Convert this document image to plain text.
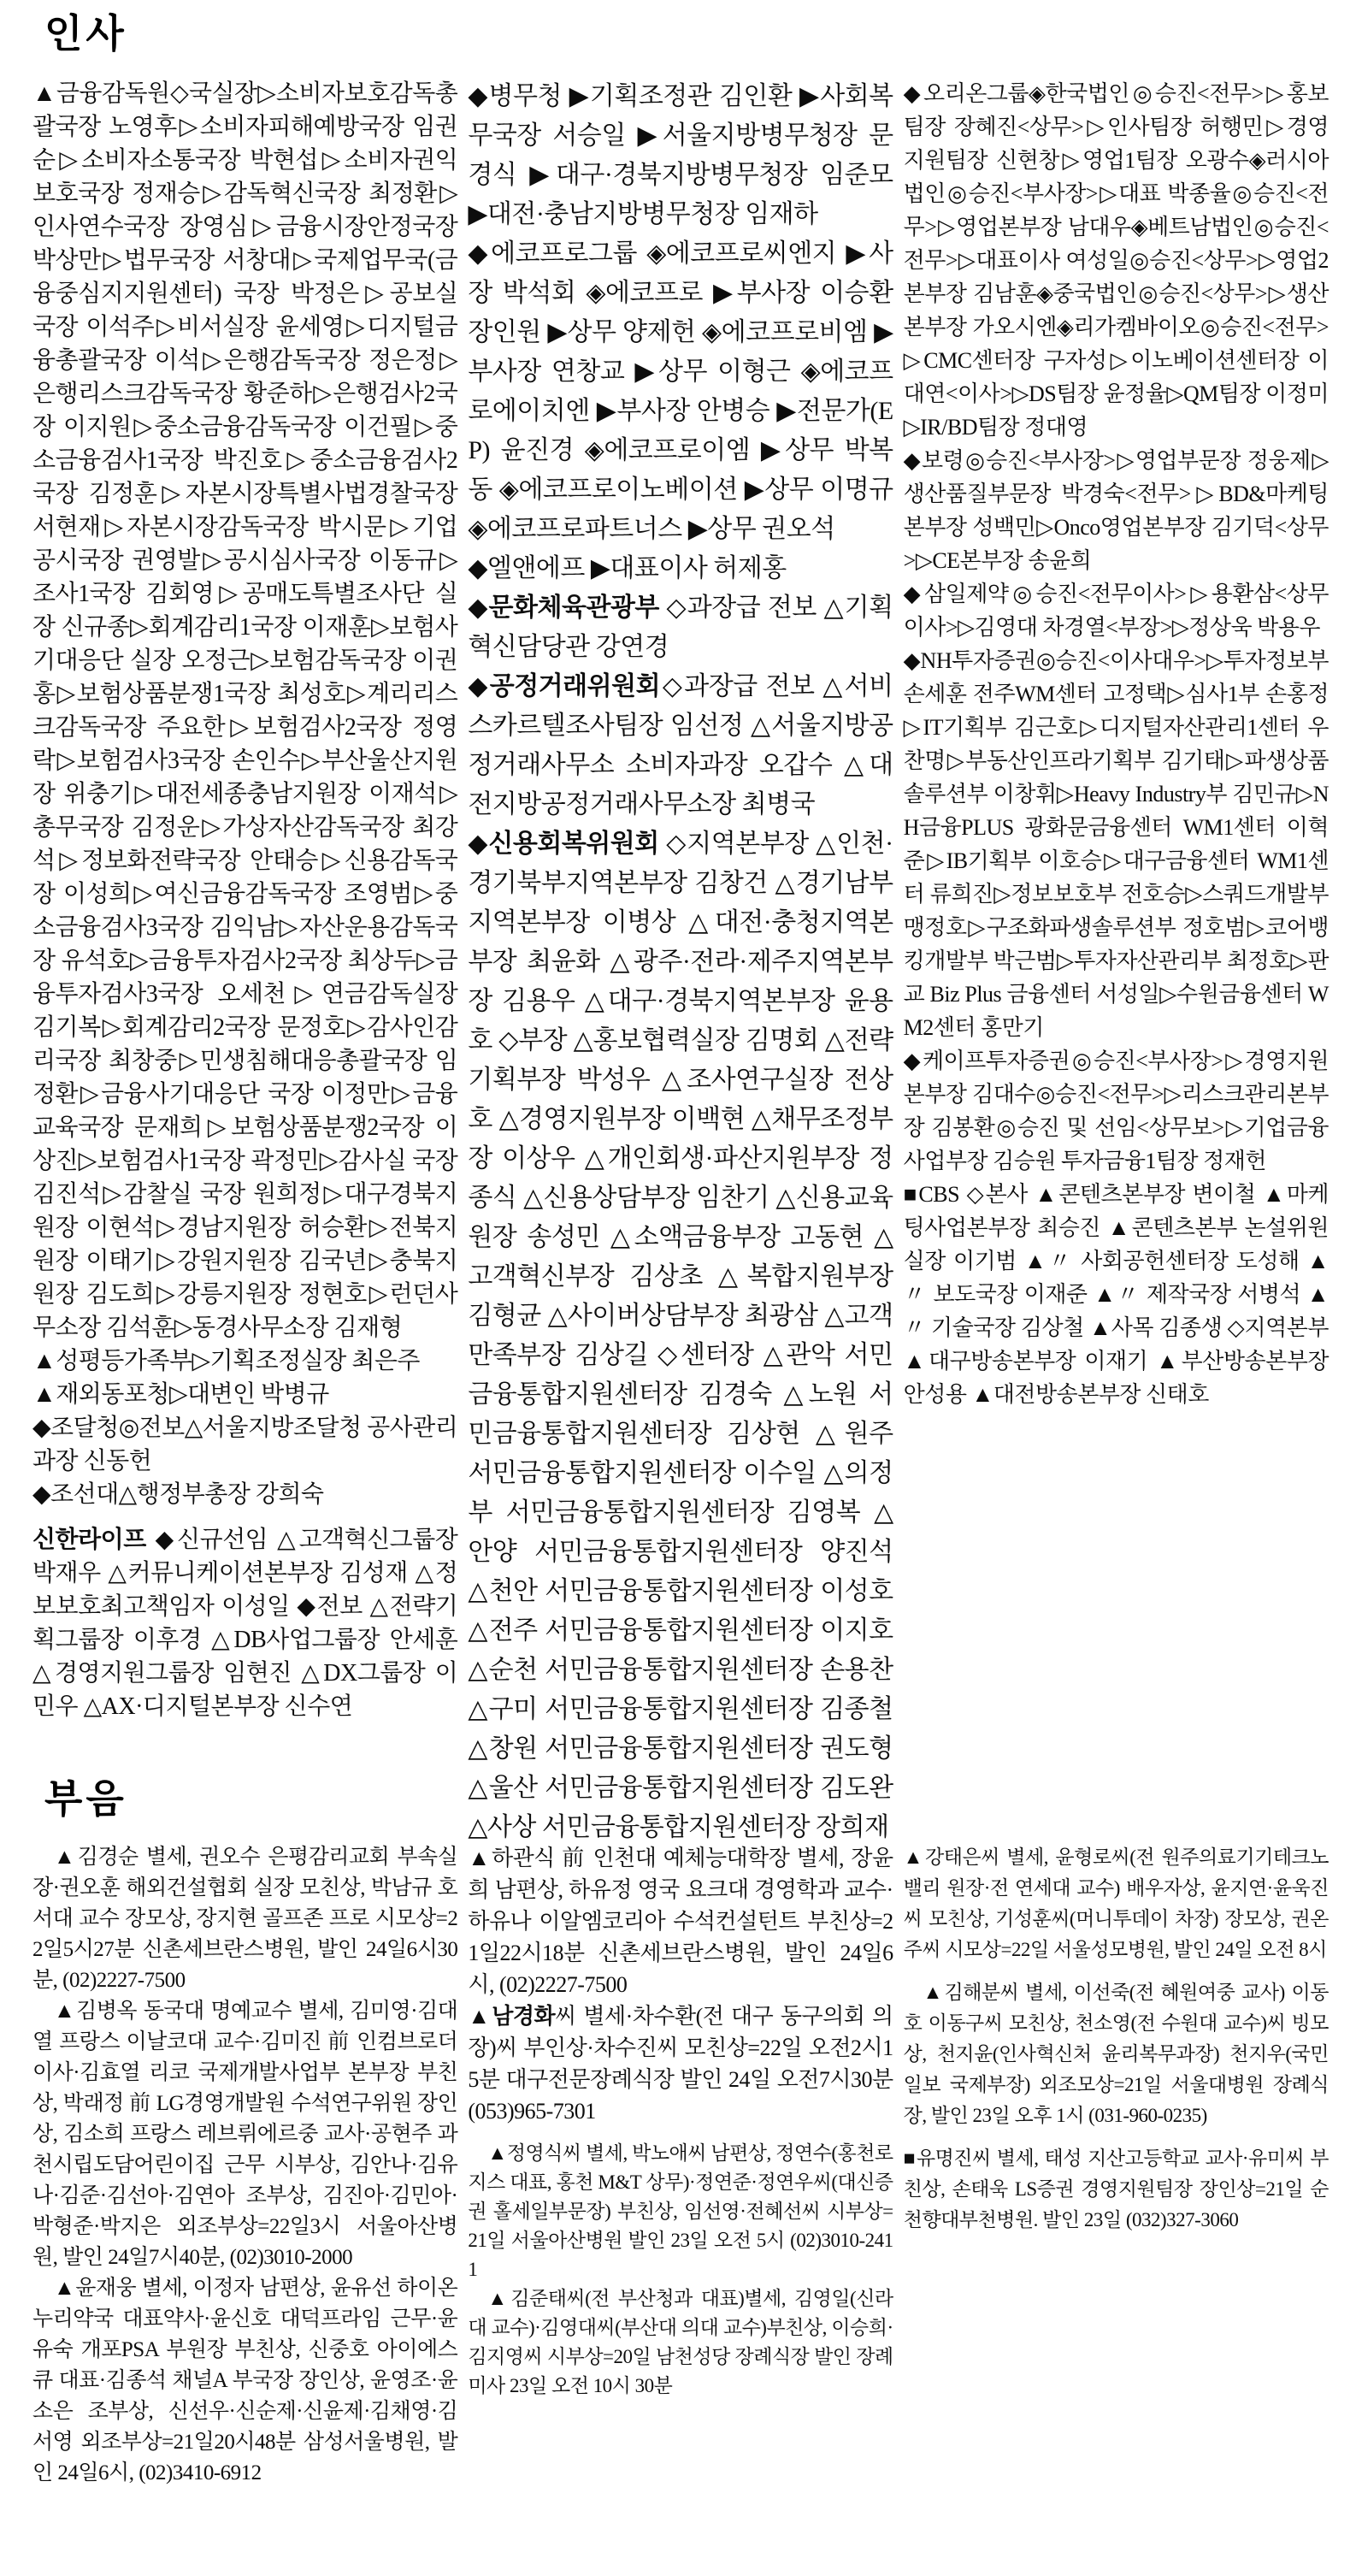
인사

▲금융감독원◇국실장▷소비자보호감독총괄국장 노영후▷소비자피해예방국장 임권순▷소비자소통국장 박현섭▷소비자권익보호국장 정재승▷감독혁신국장 최정환▷인사연수국장 장영심▷금융시장안정국장 박상만▷법무국장 서창대▷국제업무국(금융중심지지원센터) 국장 박정은▷공보실 국장 이석주▷비서실장 윤세영▷디지털금융총괄국장 이석▷은행감독국장 정은정▷은행리스크감독국장 황준하▷은행검사2국장 이지원▷중소금융감독국장 이건필▷중소금융검사1국장 박진호▷중소금융검사2국장 김정훈▷자본시장특별사법경찰국장 서현재▷자본시장감독국장 박시문▷기업공시국장 권영발▷공시심사국장 이동규▷조사1국장 김회영▷공매도특별조사단 실장 신규종▷회계감리1국장 이재훈▷보험사기대응단 실장 오정근▷보험감독국장 이권홍▷보험상품분쟁1국장 최성호▷계리리스크감독국장 주요한▷보험검사2국장 정영락▷보험검사3국장 손인수▷부산울산지원장 위충기▷대전세종충남지원장 이재석▷총무국장 김정운▷가상자산감독국장 최강석▷정보화전략국장 안태승▷신용감독국장 이성희▷여신금융감독국장 조영범▷중소금융검사3국장 김익남▷자산운용감독국장 유석호▷금융투자검사2국장 최상두▷금융투자검사3국장 오세천▷연금감독실장 김기복▷회계감리2국장 문정호▷감사인감리국장 최창중▷민생침해대응총괄국장 임정환▷금융사기대응단 국장 이정만▷금융교육국장 문재희▷보험상품분쟁2국장 이상진▷보험검사1국장 곽정민▷감사실 국장 김진석▷감찰실 국장 원희정▷대구경북지원장 이현석▷경남지원장 허승환▷전북지원장 이태기▷강원지원장 김국년▷충북지원장 김도희▷강릉지원장 정현호▷런던사무소장 김석훈▷동경사무소장 김재형

▲성평등가족부▷기획조정실장 최은주

▲재외동포청▷대변인 박병규

◆조달청◎전보△서울지방조달청 공사관리과장 신동헌

◆조선대△행정부총장 강희숙

신한라이프 ◆신규선임 △고객혁신그룹장 박재우 △커뮤니케이션본부장 김성재 △정보보호최고책임자 이성일 ◆전보 △전략기획그룹장 이후경 △DB사업그룹장 안세훈 △경영지원그룹장 임현진 △DX그룹장 이민우 △AX·디지털본부장 신수연

◆병무청 ▶기획조정관 김인환 ▶사회복무국장 서승일 ▶서울지방병무청장 문경식 ▶대구·경북지방병무청장 임준모 ▶대전·충남지방병무청장 임재하

◆에코프로그룹 ◈에코프로씨엔지 ▶사장 박석회 ◈에코프로 ▶부사장 이승환 장인원 ▶상무 양제헌 ◈에코프로비엠 ▶부사장 연창교 ▶상무 이형근 ◈에코프로에이치엔 ▶부사장 안병승 ▶전문가(EP) 윤진경 ◈에코프로이엠 ▶상무 박복동 ◈에코프로이노베이션 ▶상무 이명규 ◈에코프로파트너스 ▶상무 권오석

◆엘앤에프 ▶대표이사 허제홍

◆문화체육관광부 ◇과장급 전보 △기획혁신담당관 강연경

◆공정거래위원회◇과장급 전보 △서비스카르텔조사팀장 임선정 △서울지방공정거래사무소 소비자과장 오갑수 △대전지방공정거래사무소장 최병국

◆신용회복위원회 ◇지역본부장 △인천·경기북부지역본부장 김창건 △경기남부지역본부장 이병상 △대전·충청지역본부장 최윤화 △광주·전라·제주지역본부장 김용우 △대구·경북지역본부장 윤용호 ◇부장 △홍보협력실장 김명회 △전략기획부장 박성우 △조사연구실장 전상호 △경영지원부장 이백현 △채무조정부장 이상우 △개인회생·파산지원부장 정종식 △신용상담부장 임찬기 △신용교육원장 송성민 △소액금융부장 고동현 △고객혁신부장 김상초 △복합지원부장 김형균 △사이버상담부장 최광삼 △고객만족부장 김상길 ◇센터장 △관악 서민금융통합지원센터장 김경숙 △노원 서민금융통합지원센터장 김상현 △원주 서민금융통합지원센터장 이수일 △의정부 서민금융통합지원센터장 김영복 △안양 서민금융통합지원센터장 양진석 △천안 서민금융통합지원센터장 이성호 △전주 서민금융통합지원센터장 이지호 △순천 서민금융통합지원센터장 손용찬 △구미 서민금융통합지원센터장 김종철 △창원 서민금융통합지원센터장 권도형 △울산 서민금융통합지원센터장 김도완 △사상 서민금융통합지원센터장 장희재

◆오리온그룹◈한국법인◎승진<전무>▷홍보팀장 장혜진<상무>▷인사팀장 허행민▷경영지원팀장 신현창▷영업1팀장 오광수◈러시아법인◎승진<부사장>▷대표 박종율◎승진<전무>▷영업본부장 남대우◈베트남법인◎승진<전무>▷대표이사 여성일◎승진<상무>▷영업2본부장 김남훈◈중국법인◎승진<상무>▷생산본부장 가오시엔◈리가켐바이오◎승진<전무>▷CMC센터장 구자성▷이노베이션센터장 이대연<이사>▷DS팀장 윤정율▷QM팀장 이정미▷IR/BD팀장 정대영

◆보령◎승진<부사장>▷영업부문장 정웅제▷생산품질부문장 박경숙<전무>▷BD&마케팅본부장 성백민▷Onco영업본부장 김기덕<상무>▷CE본부장 송윤희

◆삼일제약◎승진<전무이사>▷용환삼<상무이사>▷김영대 차경열<부장>▷정상욱 박용우

◆NH투자증권◎승진<이사대우>▷투자정보부 손세훈 전주WM센터 고정택▷심사1부 손홍정▷IT기획부 김근호▷디지털자산관리1센터 우찬명▷부동산인프라기획부 김기태▷파생상품솔루션부 이창휘▷Heavy Industry부 김민규▷NH금융PLUS 광화문금융센터 WM1센터 이혁준▷IB기획부 이호승▷대구금융센터 WM1센터 류희진▷정보보호부 전호승▷스쿼드개발부 맹정호▷구조화파생솔루션부 정호범▷코어뱅킹개발부 박근범▷투자자산관리부 최정호▷판교 Biz Plus 금융센터 서성일▷수원금융센터 WM2센터 홍만기

◆케이프투자증권◎승진<부사장>▷경영지원본부장 김대수◎승진<전무>▷리스크관리본부장 김봉환◎승진 및 선임<상무보>▷기업금융사업부장 김승원 투자금융1팀장 정재헌

■CBS ◇본사 ▲콘텐츠본부장 변이철 ▲마케팅사업본부장 최승진 ▲콘텐츠본부 논설위원실장 이기범 ▲〃 사회공헌센터장 도성해 ▲〃 보도국장 이재준 ▲〃 제작국장 서병석 ▲〃 기술국장 김상철 ▲사목 김종생 ◇지역본부 ▲대구방송본부장 이재기 ▲부산방송본부장 안성용 ▲대전방송본부장 신태호

부음

▲김경순 별세, 권오수 은평감리교회 부속실장·권오훈 해외건설협회 실장 모친상, 박남규 호서대 교수 장모상, 장지현 골프존 프로 시모상=22일5시27분 신촌세브란스병원, 발인 24일6시30분, (02)2227-7500

▲김병옥 동국대 명예교수 별세, 김미영·김대열 프랑스 이날코대 교수·김미진 前 인컴브로더 이사·김효열 리코 국제개발사업부 본부장 부친상, 박래정 前 LG경영개발원 수석연구위원 장인상, 김소희 프랑스 레브뤼에르중 교사·공현주 과천시립도담어린이집 근무 시부상, 김안나·김유나·김준·김선아·김연아 조부상, 김진아·김민아·박형준·박지은 외조부상=22일3시 서울아산병원, 발인 24일7시40분, (02)3010-2000

▲윤재웅 별세, 이정자 남편상, 윤유선 하이온누리약국 대표약사·윤신호 대덕프라임 근무·윤유숙 개포PSA 부원장 부친상, 신중호 아이에스큐 대표·김종석 채널A 부국장 장인상, 윤영조·윤소은 조부상, 신선우·신순제·신윤제·김채영·김서영 외조부상=21일20시48분 삼성서울병원, 발인 24일6시, (02)3410-6912

▲하관식 前 인천대 예체능대학장 별세, 장윤희 남편상, 하유정 영국 요크대 경영학과 교수·하유나 이알엠코리아 수석컨설턴트 부친상=21일22시18분 신촌세브란스병원, 발인 24일6시, (02)2227-7500

▲남경화씨 별세·차수환(전 대구 동구의회 의장)씨 부인상·차수진씨 모친상=22일 오전2시15분 대구전문장례식장 발인 24일 오전7시30분 (053)965-7301

▲정영식씨 별세, 박노애씨 남편상, 정연수(홍천로지스 대표, 홍천 M&T 상무)·정연준·정연우씨(대신증권 홀세일부문장) 부친상, 임선영·전혜선씨 시부상=21일 서울아산병원 발인 23일 오전 5시 (02)3010-2411

▲김준태씨(전 부산청과 대표)별세, 김영일(신라대 교수)·김영대씨(부산대 의대 교수)부친상, 이승희·김지영씨 시부상=20일 남천성당 장례식장 발인 장례미사 23일 오전 10시 30분

▲강태은씨 별세, 윤형로씨(전 원주의료기기테크노밸리 원장·전 연세대 교수) 배우자상, 윤지연·윤욱진씨 모친상, 기성훈씨(머니투데이 차장) 장모상, 권온주씨 시모상=22일 서울성모병원, 발인 24일 오전 8시

▲김해분씨 별세, 이선죽(전 혜원여중 교사) 이동호 이동구씨 모친상, 천소영(전 수원대 교수)씨 빙모상, 천지윤(인사혁신처 윤리복무과장) 천지우(국민일보 국제부장) 외조모상=21일 서울대병원 장례식장, 발인 23일 오후 1시 (031-960-0235)

■유명진씨 별세, 태성 지산고등학교 교사·유미씨 부친상, 손태욱 LS증권 경영지원팀장 장인상=21일 순천향대부천병원. 발인 23일 (032)327-3060
